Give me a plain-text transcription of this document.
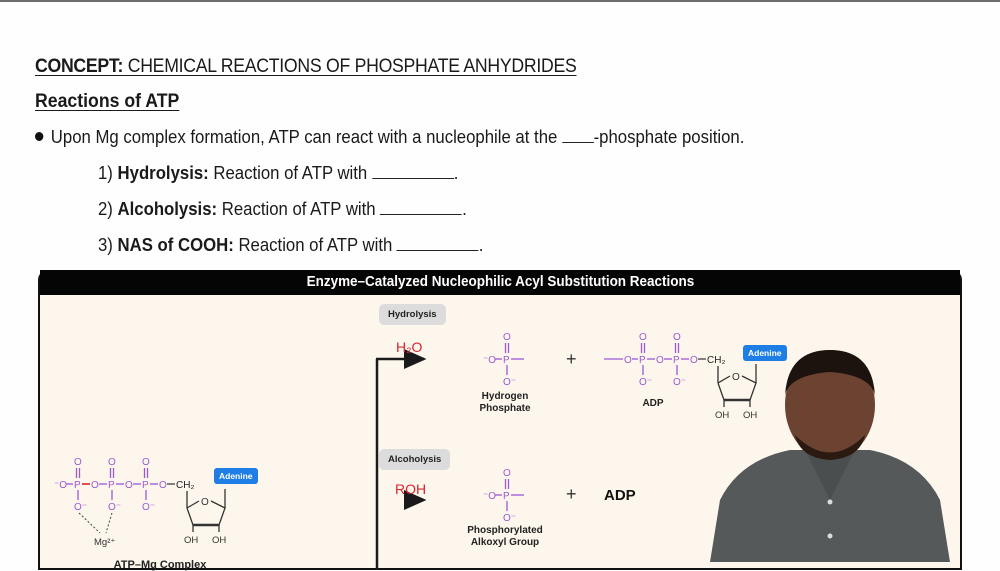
CONCEPT: CHEMICAL REACTIONS OF PHOSPHATE ANHYDRIDES
Reactions of ATP
Upon Mg complex formation, ATP can react with a nucleophile at the -phosphate position.
1) Hydrolysis: Reaction of ATP with	.
2) Alcoholysis: Reaction of ATP with	.
3) NAS of COOH: Reaction of ATP with	.
Enzyme–Catalyzed Nucleophilic Acyl Substitution Reactions
Hydrolysis
H₂O
O
P
⁻O
O⁻
Hydrogen
Phosphate
+
O	O
O P O P O
O⁻ O⁻
CH₂
O
OH OH
Adenine
ADP
Alcoholysis
ROH
O
P
⁻O
O⁻
Phosphorylated
Alkoxyl Group
+ ADP
O	O	O
⁻O P O P O P O
O⁻ O⁻ O⁻
Mg²⁺
CH₂
O
OH OH
Adenine
ATP–Mg Complex
